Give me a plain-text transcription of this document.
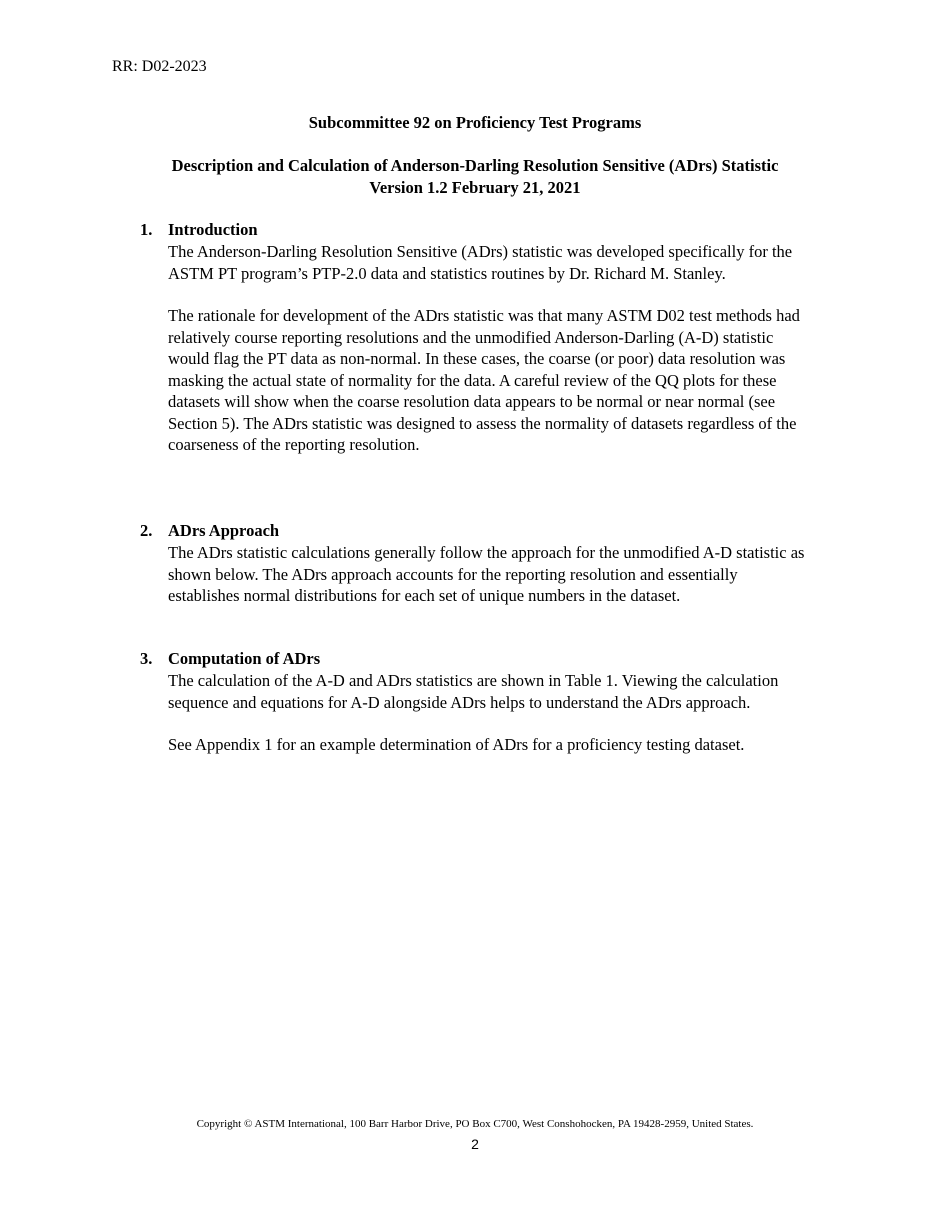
RR: D02-2023
Subcommittee 92 on Proficiency Test Programs
Description and Calculation of Anderson-Darling Resolution Sensitive (ADrs) Statistic
Version 1.2 February 21, 2021
1. Introduction

The Anderson-Darling Resolution Sensitive (ADrs) statistic was developed specifically for the ASTM PT program’s PTP-2.0 data and statistics routines by Dr. Richard M. Stanley.

The rationale for development of the ADrs statistic was that many ASTM D02 test methods had relatively course reporting resolutions and the unmodified Anderson-Darling (A-D) statistic would flag the PT data as non-normal. In these cases, the coarse (or poor) data resolution was masking the actual state of normality for the data. A careful review of the QQ plots for these datasets will show when the coarse resolution data appears to be normal or near normal (see Section 5). The ADrs statistic was designed to assess the normality of datasets regardless of the coarseness of the reporting resolution.

2. ADrs Approach

The ADrs statistic calculations generally follow the approach for the unmodified A-D statistic as shown below. The ADrs approach accounts for the reporting resolution and essentially establishes normal distributions for each set of unique numbers in the dataset.

3. Computation of ADrs

The calculation of the A-D and ADrs statistics are shown in Table 1. Viewing the calculation sequence and equations for A-D alongside ADrs helps to understand the ADrs approach.

See Appendix 1 for an example determination of ADrs for a proficiency testing dataset.

Copyright © ASTM International, 100 Barr Harbor Drive, PO Box C700, West Conshohocken, PA 19428-2959, United States.
2
